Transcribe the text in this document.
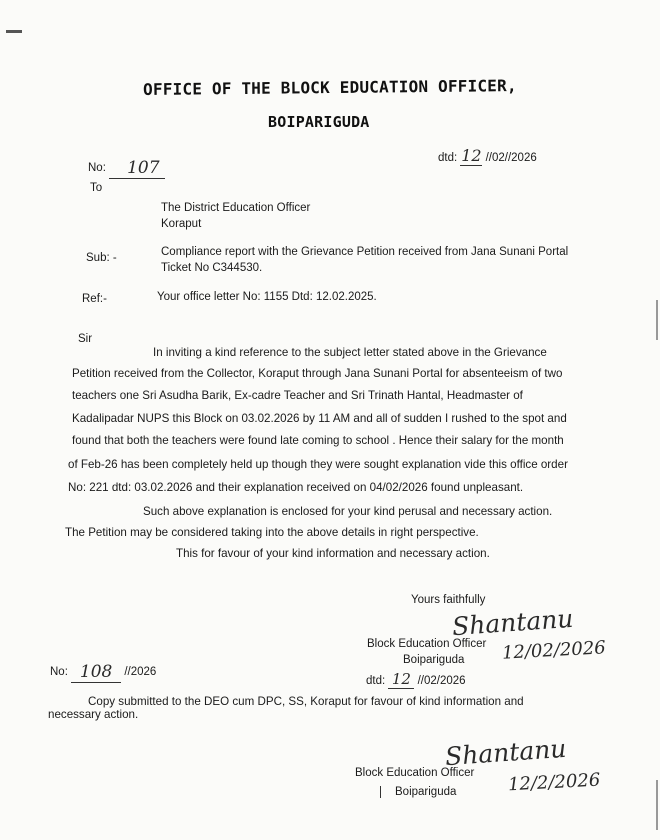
OFFICE OF THE BLOCK EDUCATION OFFICER,
BOIPARIGUDA
No: 107	dtd: 12 //02//2026
To
The District Education Officer
Koraput
Sub: -	Compliance report with the Grievance Petition received from Jana Sunani Portal
Ticket No C344530.
Ref:-	Your office letter No: 1155 Dtd: 12.02.2025.
Sir
In inviting a kind reference to the subject letter stated above in the Grievance
Petition received from the Collector, Koraput through Jana Sunani Portal for absenteeism of two
teachers one Sri Asudha Barik, Ex-cadre Teacher and Sri Trinath Hantal, Headmaster of
Kadalipadar NUPS this Block on 03.02.2026 by 11 AM and all of sudden I rushed to the spot and
found that both the teachers were found late coming to school . Hence their salary for the month
of Feb-26 has been completely held up though they were sought explanation vide this office order
No: 221 dtd: 03.02.2026 and their explanation received on 04/02/2026 found unpleasant.
Such above explanation is enclosed for your kind perusal and necessary action.
The Petition may be considered taking into the above details in right perspective.
This for favour of your kind information and necessary action.
Yours faithfully
Shantanu
Block Education Officer 12/02/2026
Boipariguda
dtd: 12 //02/2026
No: 108 //2026
Copy submitted to the DEO cum DPC, SS, Koraput for favour of kind information and
necessary action.
Shantanu
Block Education Officer 12/2/2026
Boipariguda
